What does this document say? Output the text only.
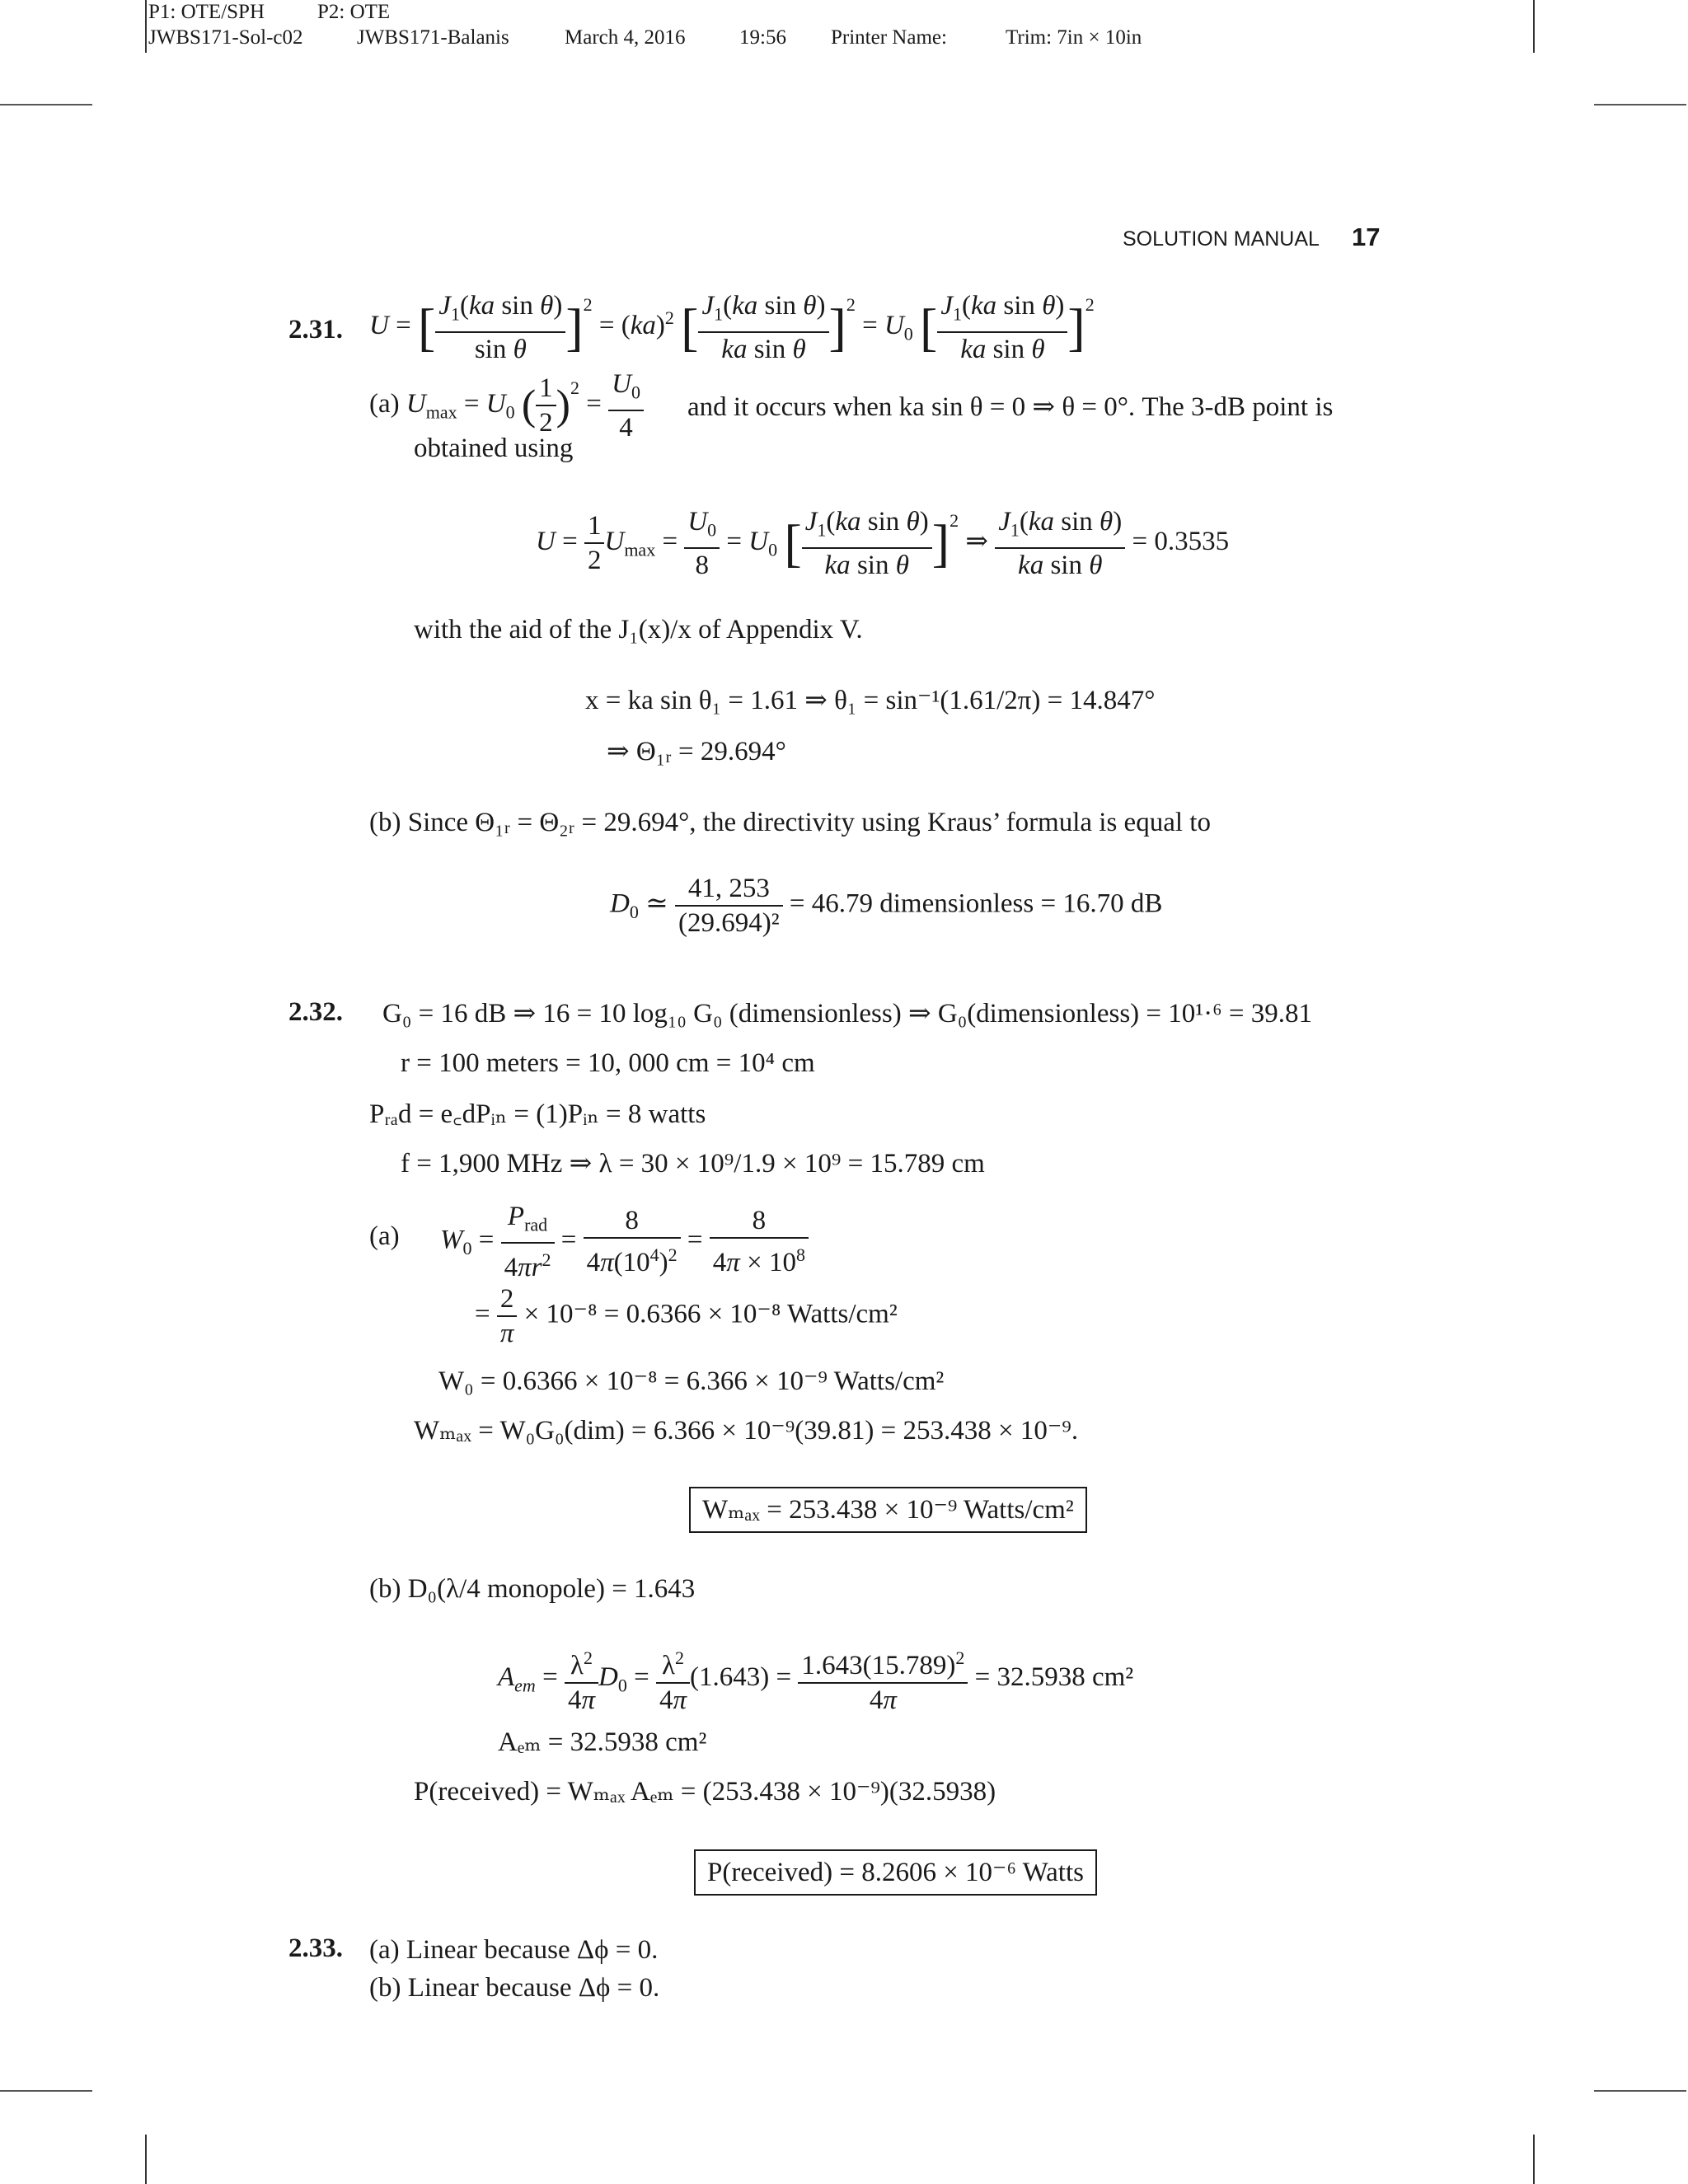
P1: OTE/SPH	P2: OTE
JWBS171-Sol-c02	JWBS171-Balanis	March 4, 2016	19:56 Printer Name:	Trim: 7in × 10in
SOLUTION MANUAL 17
2.31. U = [ $\frac{J_1(ka \sin \theta)}{\text{sin θ}} ]^2 = (ka)^2$ [ $\frac{J_1(ka \sin \theta)}{\text{ka sin θ}} ]^2 = U_0$ [ $\frac{J_1(ka \sin \theta)}{\text{ka sin θ}} ]^2$
(a) $U_{max} = U_0$ ( $\frac{1}{2} )^2 = \frac{U_0}{4}$ and it occurs when ka sin θ = 0 ⇒ θ = 0°. The 3-dB point is
obtained using
$U = \frac{1}{2} U_{max} = \frac{U_0}{8} = U_0$ [ $\frac{J_1(ka \sin \theta)}{\text{ka sin θ}} ]^2$ ⇒ $\frac{J_1(ka \sin \theta)}{\text{ka sin θ}} = 0.3535$
with the aid of the J₁(x)/x of Appendix V.
x = ka sin θ₁ = 1.61 ⇒ θ₁ = sin⁻¹(1.61/2π) = 14.847°
⇒ Θ₁ᵣ = 29.694°
(b) Since Θ₁ᵣ = Θ₂ᵣ = 29.694°, the directivity using Kraus’ formula is equal to
$D_0$ ≃ $\frac{41, 253}{\text{(29.694)²}} = 46.79$ dimensionless = 16.70 dB
2.32. G₀ = 16 dB ⇒ 16 = 10 log₁₀ G₀ (dimensionless) ⇒ G₀(dimensionless) = 10¹·⁶ = 39.81
r = 100 meters = 10, 000 cm = 10⁴ cm
Pᵣₐd = e꜀dPᵢₙ = (1)Pᵢₙ = 8 watts
f = 1,900 MHz ⇒ λ = 30 × 10⁹/1.9 × 10⁹ = 15.789 cm
(a) $W_0 = \frac{P_{rad}}{4\pi r^2} = \frac{8}{4\pi(10^4)^2} = \frac{8}{4\pi \times 10^8}$
= $\frac{2}{\pi} \times 10^{-8} = 0.6366 \times 10^{-8}$ Watts/cm²
W₀ = 0.6366 × 10⁻⁸ = 6.366 × 10⁻⁹ Watts/cm²
Wₘₐₓ = W₀G₀(dim) = 6.366 × 10⁻⁹(39.81) = 253.438 × 10⁻⁹.
Wₘₐₓ = 253.438 × 10⁻⁹ Watts/cm²
(b) D₀(λ/4 monopole) = 1.643
$A_{em} = \frac{\lambda^2}{4\pi} D_0 = \frac{\lambda^2}{4\pi} (1.643) = \frac{1.643(15.789)^2}{4\pi} = 32.5938$ cm²
Aₑₘ = 32.5938 cm²
P(received) = Wₘₐₓ Aₑₘ = (253.438 × 10⁻⁹)(32.5938)
P(received) = 8.2606 × 10⁻⁶ Watts
2.33. (a) Linear because Δϕ = 0.
(b) Linear because Δϕ = 0.
